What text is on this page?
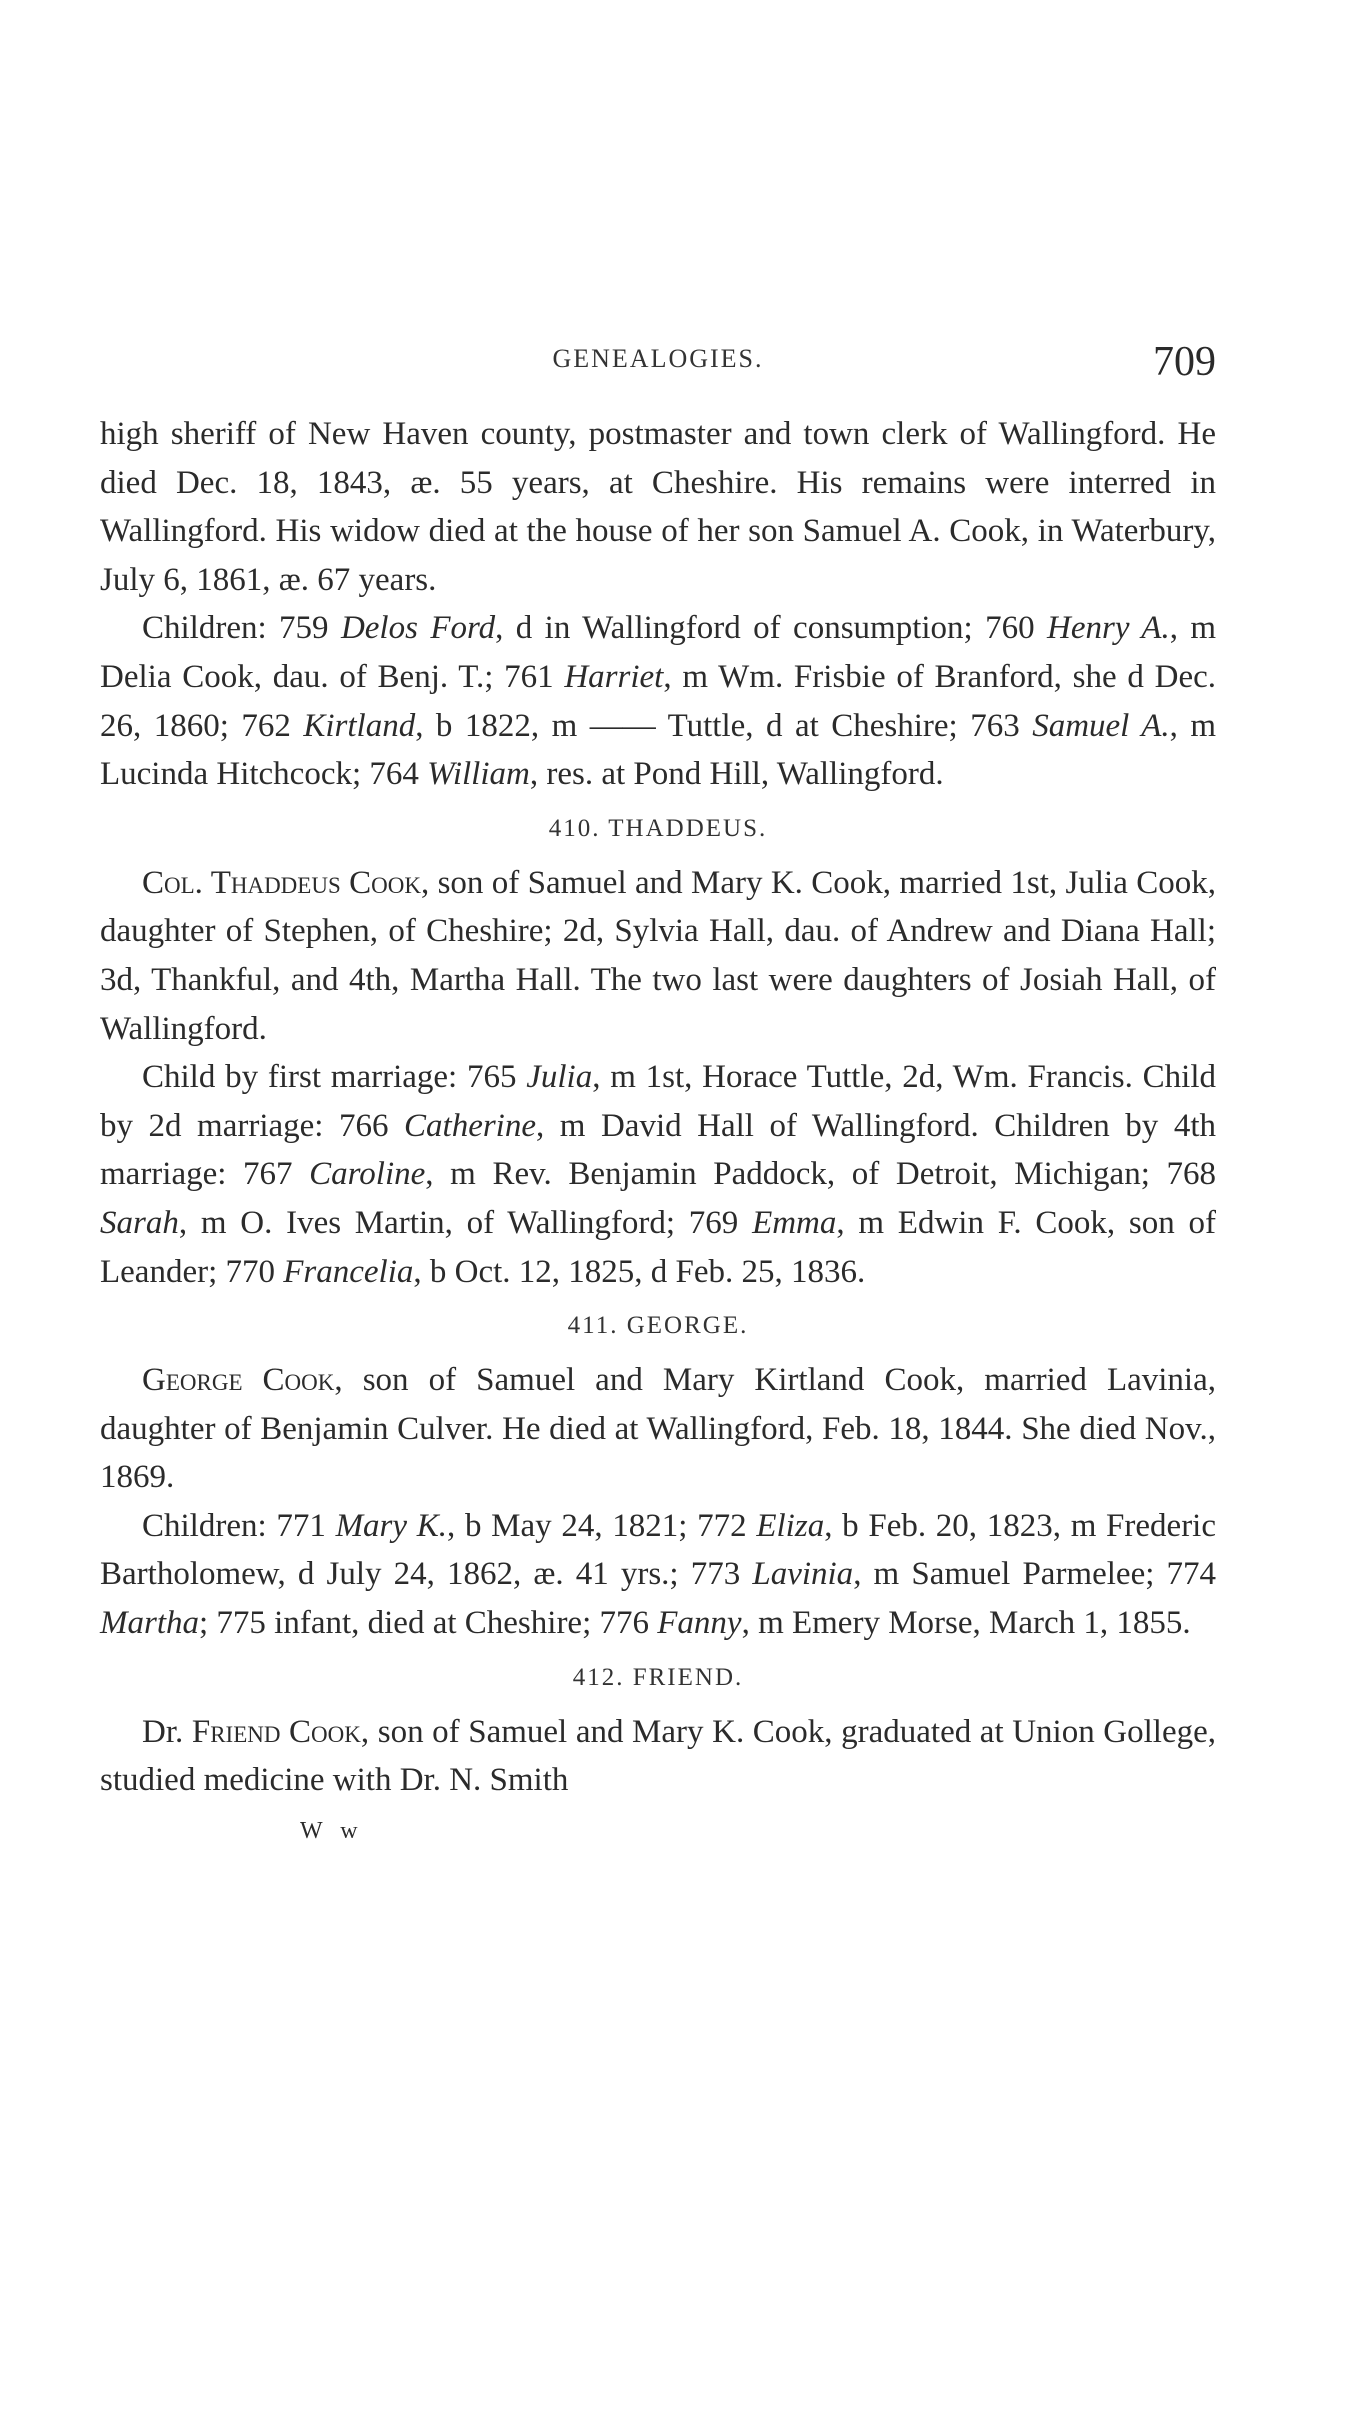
GENEALOGIES.	709

high sheriff of New Haven county, postmaster and town clerk of Wallingford. He died Dec. 18, 1843, æ. 55 years, at Cheshire. His remains were interred in Wallingford. His widow died at the house of her son Samuel A. Cook, in Waterbury, July 6, 1861, æ. 67 years.

Children: 759 Delos Ford, d in Wallingford of consumption; 760 Henry A., m Delia Cook, dau. of Benj. T.; 761 Harriet, m Wm. Frisbie of Branford, she d Dec. 26, 1860; 762 Kirtland, b 1822, m —— Tuttle, d at Cheshire; 763 Samuel A., m Lucinda Hitchcock; 764 William, res. at Pond Hill, Wallingford.

410. THADDEUS.

Col. Thaddeus Cook, son of Samuel and Mary K. Cook, married 1st, Julia Cook, daughter of Stephen, of Cheshire; 2d, Sylvia Hall, dau. of Andrew and Diana Hall; 3d, Thankful, and 4th, Martha Hall. The two last were daughters of Josiah Hall, of Wallingford.

Child by first marriage: 765 Julia, m 1st, Horace Tuttle, 2d, Wm. Francis. Child by 2d marriage: 766 Catherine, m David Hall of Wallingford. Children by 4th marriage: 767 Caroline, m Rev. Benjamin Paddock, of Detroit, Michigan; 768 Sarah, m O. Ives Martin, of Wallingford; 769 Emma, m Edwin F. Cook, son of Leander; 770 Francelia, b Oct. 12, 1825, d Feb. 25, 1836.

411. GEORGE.

George Cook, son of Samuel and Mary Kirtland Cook, married Lavinia, daughter of Benjamin Culver. He died at Wallingford, Feb. 18, 1844. She died Nov., 1869.

Children: 771 Mary K., b May 24, 1821; 772 Eliza, b Feb. 20, 1823, m Frederic Bartholomew, d July 24, 1862, æ. 41 yrs.; 773 Lavinia, m Samuel Parmelee; 774 Martha; 775 infant, died at Cheshire; 776 Fanny, m Emery Morse, March 1, 1855.

412. FRIEND.

Dr. Friend Cook, son of Samuel and Mary K. Cook, graduated at Union Gollege, studied medicine with Dr. N. Smith

W w
